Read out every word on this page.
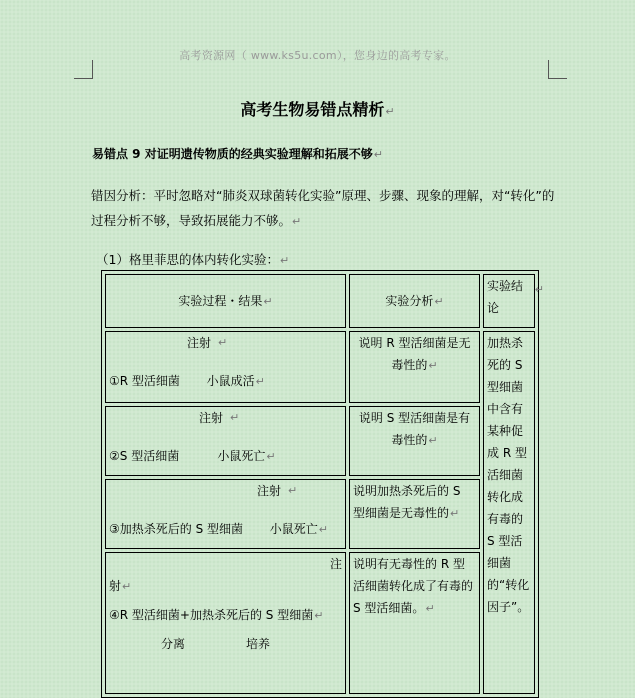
高考资源网（ www.ks5u.com），您身边的高考专家。
高考生物易错点精析↵
易错点 9 对证明遗传物质的经典实验理解和拓展不够↵
错因分析：平时忽略对“肺炎双球菌转化实验”原理、步骤、现象的理解，对“转化”的过程分析不够，导致拓展能力不够。↵
（1）格里菲思的体内转化实验：↵
实验过程・结果↵	实验分析↵	实验结论
↵

注射 ↵
①R 型活细菌 小鼠成活↵	说明 R 型活细菌是无毒性的↵	加热杀死的 S 型细菌中含有某种促成 R 型活细菌转化成有毒的 S 型活细菌的“转化因子”。

注射 ↵
②S 型活细菌 小鼠死亡↵	说明 S 型活细菌是有毒性的↵	

注射 ↵
③加热杀死后的 S 型细菌 小鼠死亡↵	说明加热杀死后的 S 型细菌是无毒性的↵	

注
射↵
④R 型活细菌+加热杀死后的 S 型细菌↵
分离 培养	说明有无毒性的 R 型活细菌转化成了有毒的 S 型活细菌。↵	
